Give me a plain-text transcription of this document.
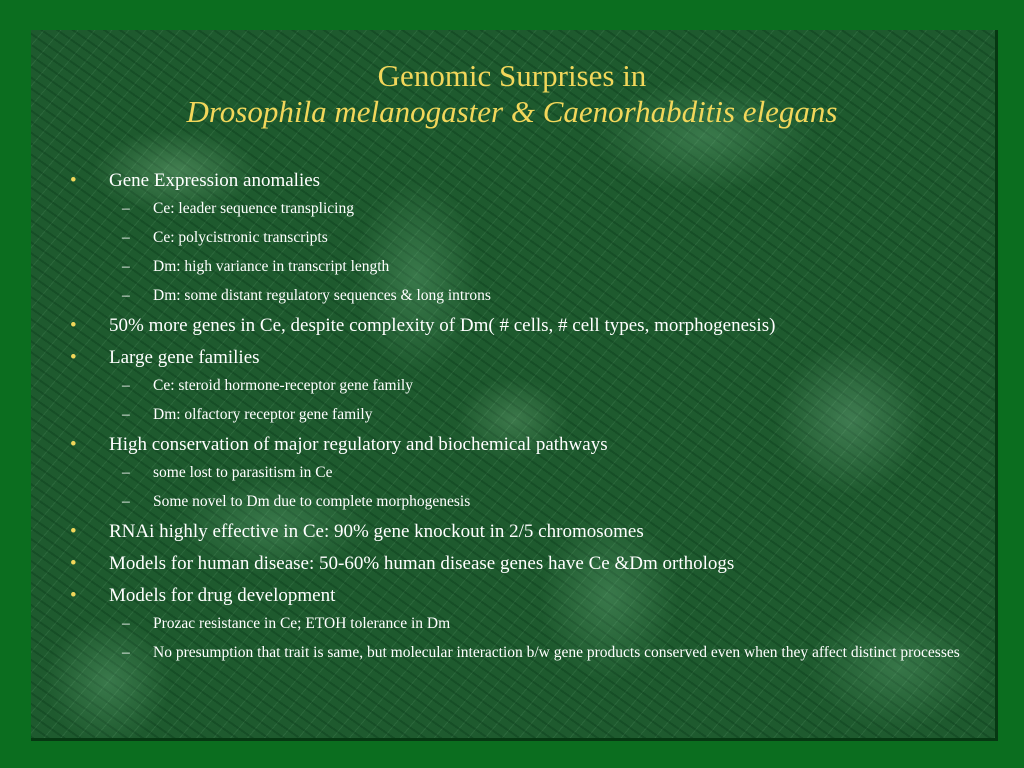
Genomic Surprises in
Drosophila melanogaster & Caenorhabditis elegans
• Gene Expression anomalies
– Ce: leader sequence transplicing
– Ce: polycistronic transcripts
– Dm: high variance in transcript length
– Dm: some distant regulatory sequences & long introns
• 50% more genes in Ce, despite complexity of Dm( # cells, # cell types, morphogenesis)
• Large gene families
– Ce: steroid hormone-receptor gene family
– Dm: olfactory receptor gene family
• High conservation of major regulatory and biochemical pathways
– some lost to parasitism in Ce
– Some novel to Dm due to complete morphogenesis
• RNAi highly effective in Ce: 90% gene knockout in 2/5 chromosomes
• Models for human disease: 50-60% human disease genes have Ce &Dm orthologs
• Models for drug development
– Prozac resistance in Ce; ETOH tolerance in Dm
– No presumption that trait is same, but molecular interaction b/w gene products conserved even when they affect distinct processes
